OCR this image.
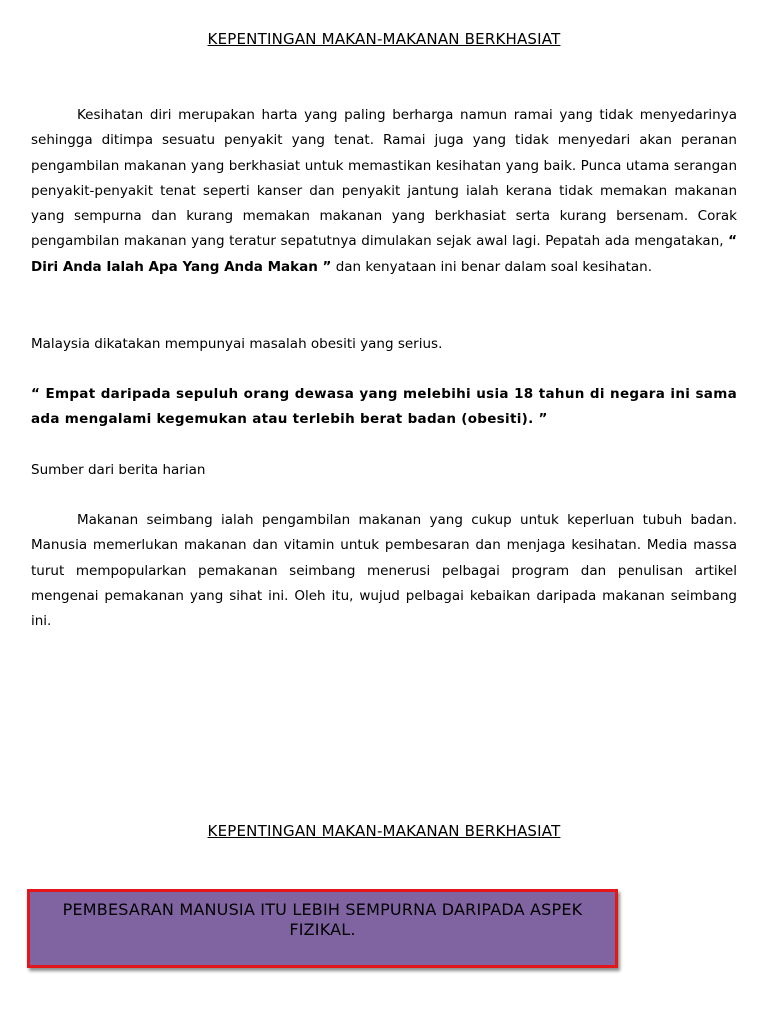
KEPENTINGAN MAKAN-MAKANAN BERKHASIAT

Kesihatan diri merupakan harta yang paling berharga namun ramai yang tidak menyedarinya sehingga ditimpa sesuatu penyakit yang tenat. Ramai juga yang tidak menyedari akan peranan pengambilan makanan yang berkhasiat untuk memastikan kesihatan yang baik. Punca utama serangan penyakit-penyakit tenat seperti kanser dan penyakit jantung ialah kerana tidak memakan makanan yang sempurna dan kurang memakan makanan yang berkhasiat serta kurang bersenam. Corak pengambilan makanan yang teratur sepatutnya dimulakan sejak awal lagi. Pepatah ada mengatakan, “ Diri Anda Ialah Apa Yang Anda Makan ” dan kenyataan ini benar dalam soal kesihatan.

Malaysia dikatakan mempunyai masalah obesiti yang serius.

“ Empat daripada sepuluh orang dewasa yang melebihi usia 18 tahun di negara ini sama ada mengalami kegemukan atau terlebih berat badan (obesiti). ”

Sumber dari berita harian

Makanan seimbang ialah pengambilan makanan yang cukup untuk keperluan tubuh badan. Manusia memerlukan makanan dan vitamin untuk pembesaran dan menjaga kesihatan. Media massa turut mempopularkan pemakanan seimbang menerusi pelbagai program dan penulisan artikel mengenai pemakanan yang sihat ini. Oleh itu, wujud pelbagai kebaikan daripada makanan seimbang ini.

KEPENTINGAN MAKAN-MAKANAN BERKHASIAT
PEMBESARAN MANUSIA ITU LEBIH SEMPURNA DARIPADA ASPEK FIZIKAL.
